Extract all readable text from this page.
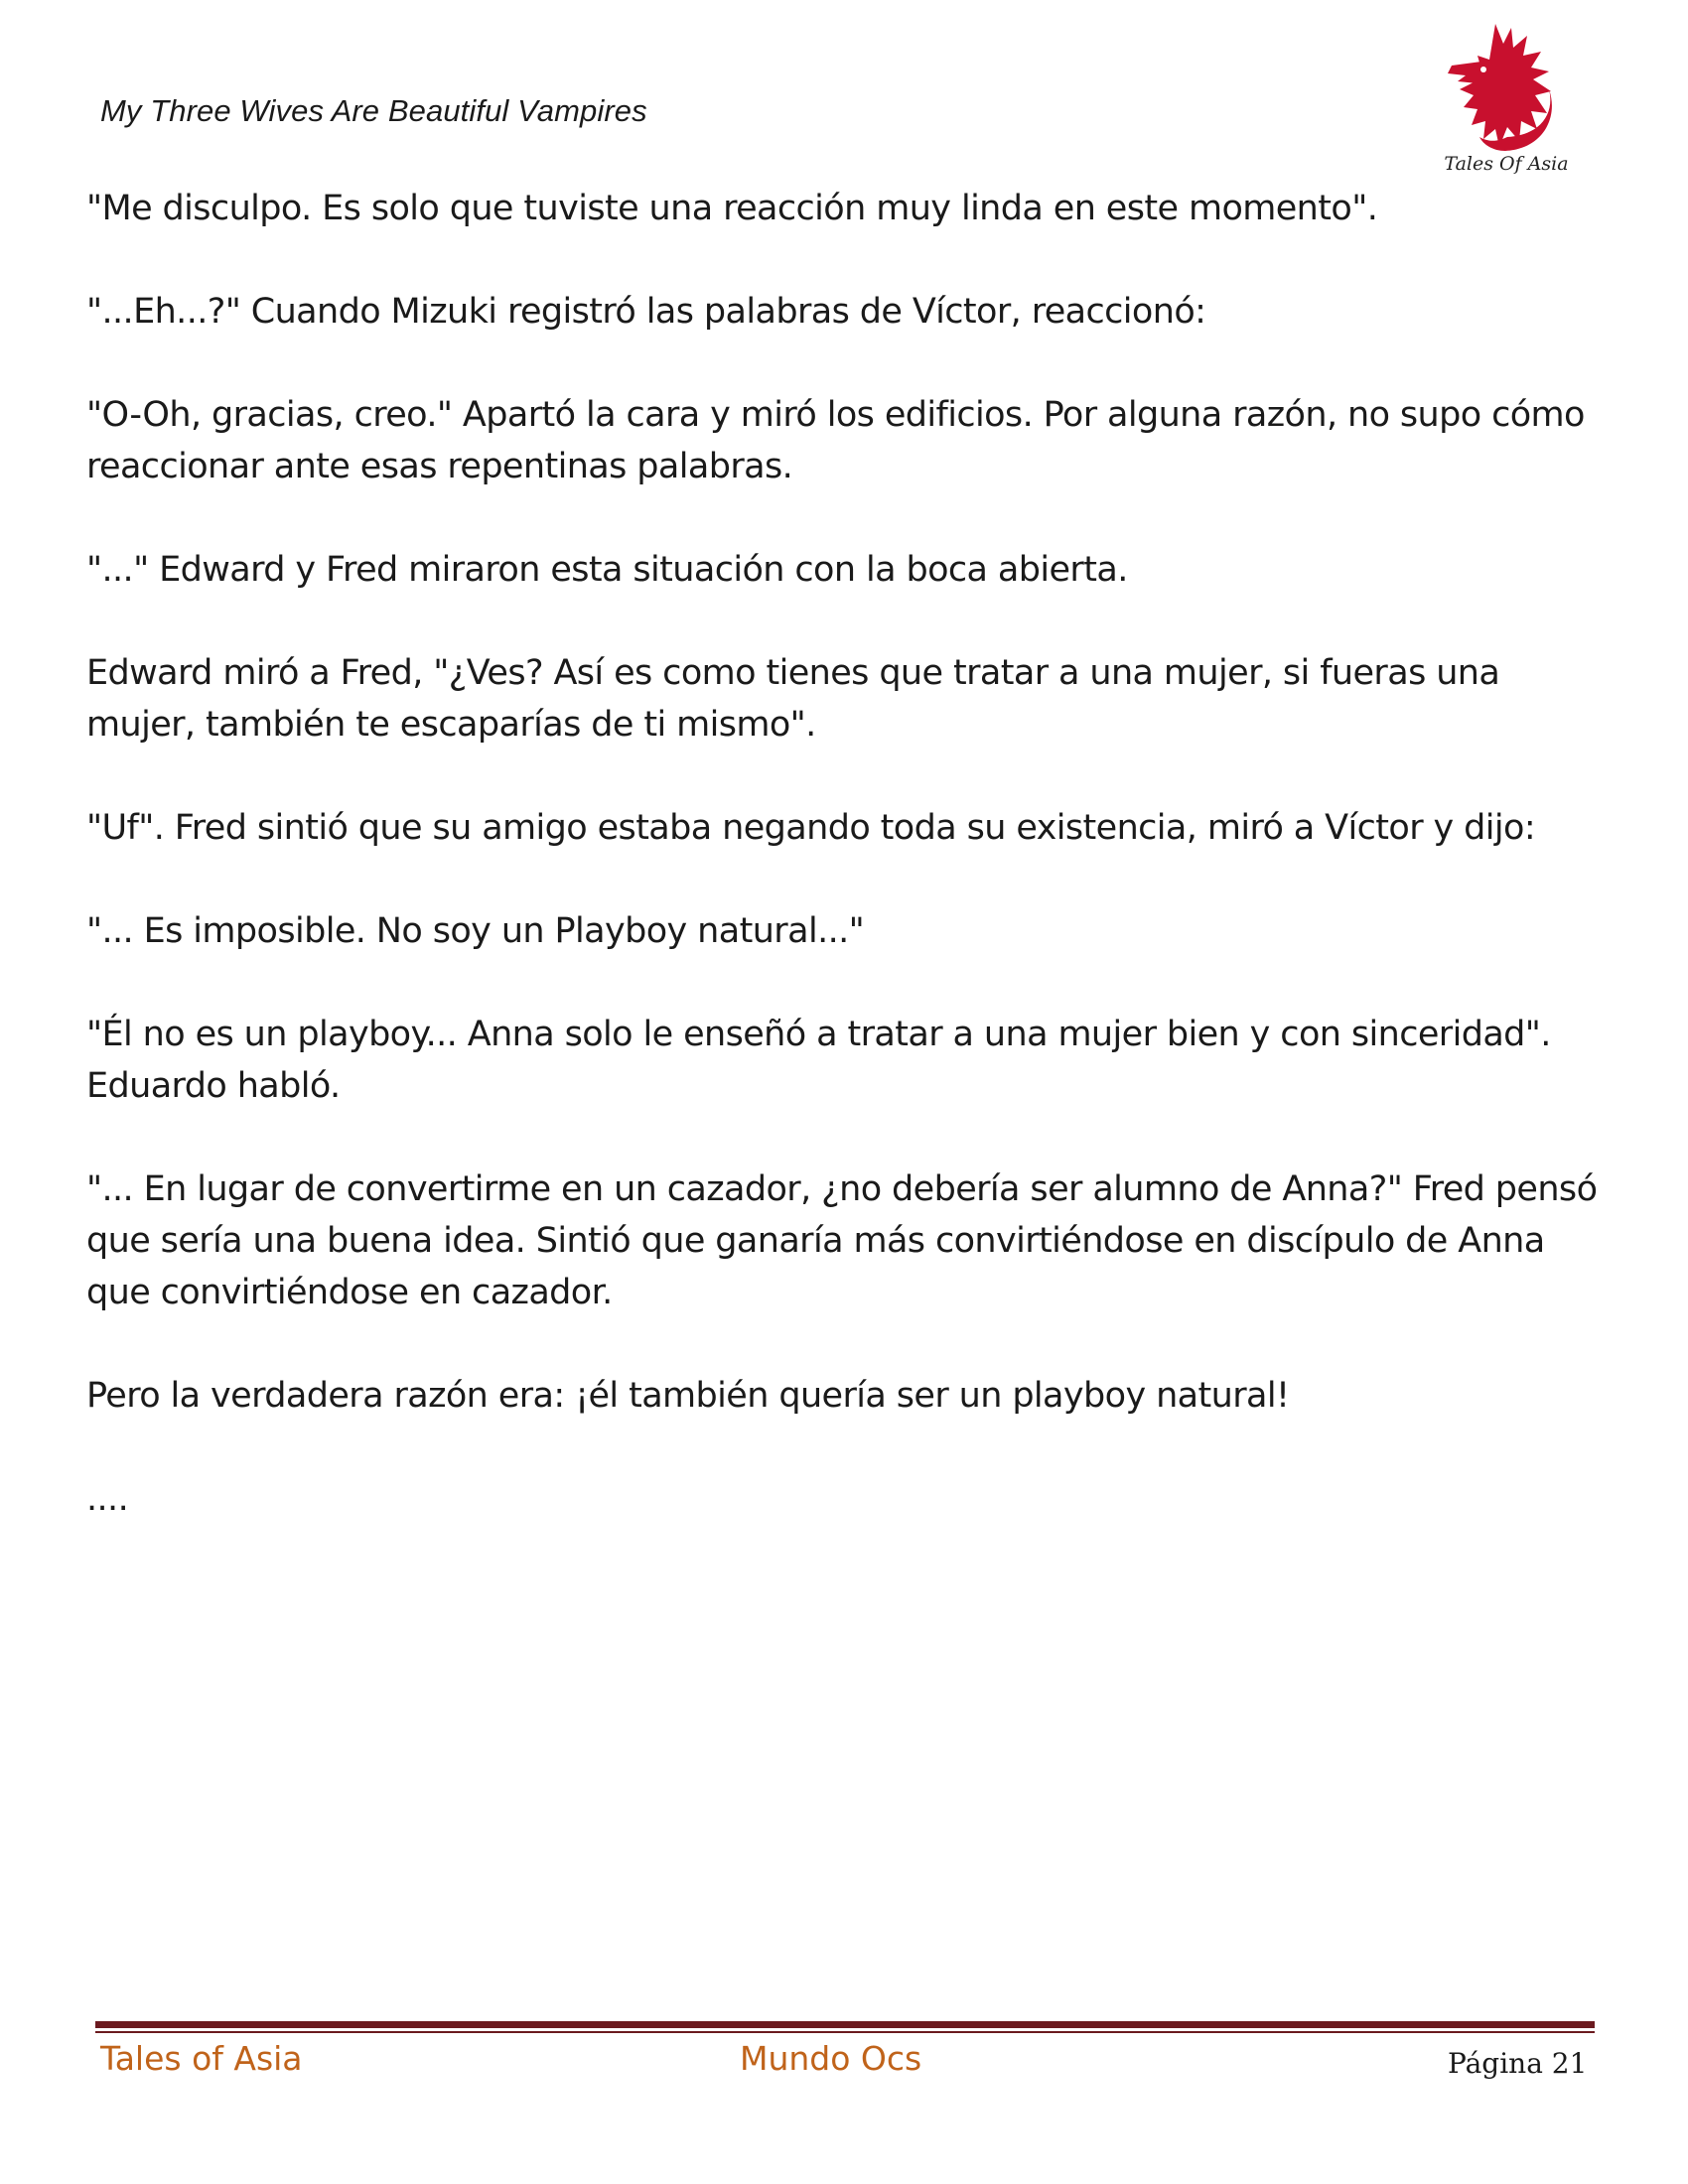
My Three Wives Are Beautiful Vampires
Tales Of Asia

"Me disculpo. Es solo que tuviste una reacción muy linda en este momento".

"...Eh...?" Cuando Mizuki registró las palabras de Víctor, reaccionó:

"O-Oh, gracias, creo." Apartó la cara y miró los edificios. Por alguna razón, no supo cómo reaccionar ante esas repentinas palabras.

"..." Edward y Fred miraron esta situación con la boca abierta.

Edward miró a Fred, "¿Ves? Así es como tienes que tratar a una mujer, si fueras una mujer, también te escaparías de ti mismo".

"Uf". Fred sintió que su amigo estaba negando toda su existencia, miró a Víctor y dijo:

"... Es imposible. No soy un Playboy natural..."

"Él no es un playboy... Anna solo le enseñó a tratar a una mujer bien y con sinceridad". Eduardo habló.

"... En lugar de convertirme en un cazador, ¿no debería ser alumno de Anna?" Fred pensó que sería una buena idea. Sintió que ganaría más convirtiéndose en discípulo de Anna que convirtiéndose en cazador.

Pero la verdadera razón era: ¡él también quería ser un playboy natural!

....

Tales of Asia	Mundo Ocs	Página 21
